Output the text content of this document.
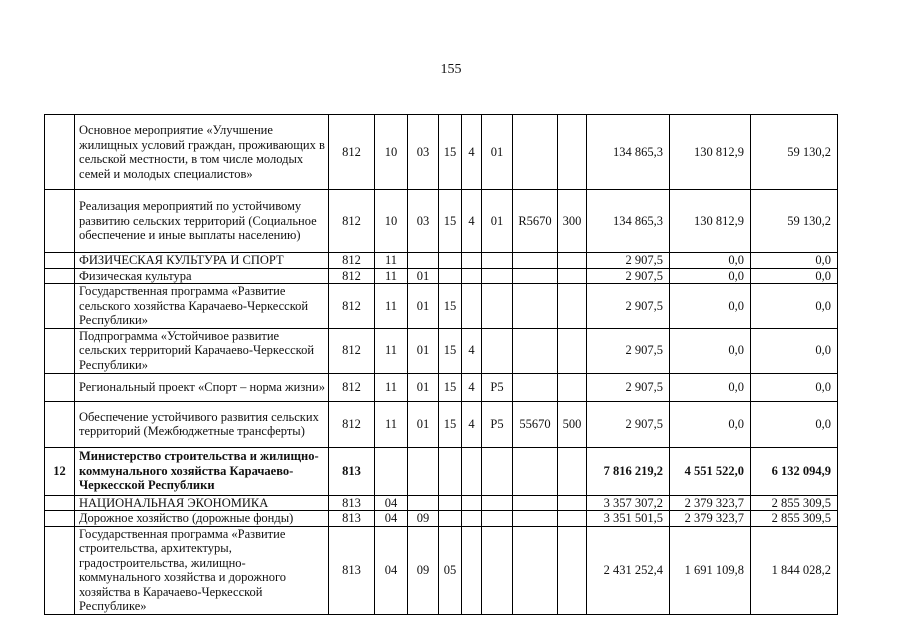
155
	Основное мероприятие «Улучшение жилищных условий граждан, проживающих в сельской местности, в том числе молодых семей и молодых специалистов»	812	10	03	15	4	01			134 865,3	130 812,9	59 130,2
	Реализация мероприятий по устойчивому развитию сельских территорий (Социальное обеспечение и иные выплаты населению)	812	10	03	15	4	01	R5670	300	134 865,3	130 812,9	59 130,2
	ФИЗИЧЕСКАЯ КУЛЬТУРА И СПОРТ	812	11							2 907,5	0,0	0,0
	Физическая культура	812	11	01						2 907,5	0,0	0,0
	Государственная программа «Развитие сельского хозяйства Карачаево-Черкесской Республики»	812	11	01	15					2 907,5	0,0	0,0
	Подпрограмма «Устойчивое развитие сельских территорий Карачаево-Черкесской Республики»	812	11	01	15	4				2 907,5	0,0	0,0
	Региональный проект «Спорт – норма жизни»	812	11	01	15	4	P5			2 907,5	0,0	0,0
	Обеспечение устойчивого развития сельских территорий (Межбюджетные трансферты)	812	11	01	15	4	P5	55670	500	2 907,5	0,0	0,0
12	Министерство строительства и жилищно-коммунального хозяйства Карачаево-Черкесской Республики	813								7 816 219,2	4 551 522,0	6 132 094,9
	НАЦИОНАЛЬНАЯ ЭКОНОМИКА	813	04							3 357 307,2	2 379 323,7	2 855 309,5
	Дорожное хозяйство (дорожные фонды)	813	04	09						3 351 501,5	2 379 323,7	2 855 309,5
	Государственная программа «Развитие строительства, архитектуры, градостроительства, жилищно-коммунального хозяйства и дорожного хозяйства в Карачаево-Черкесской Республике»	813	04	09	05					2 431 252,4	1 691 109,8	1 844 028,2
